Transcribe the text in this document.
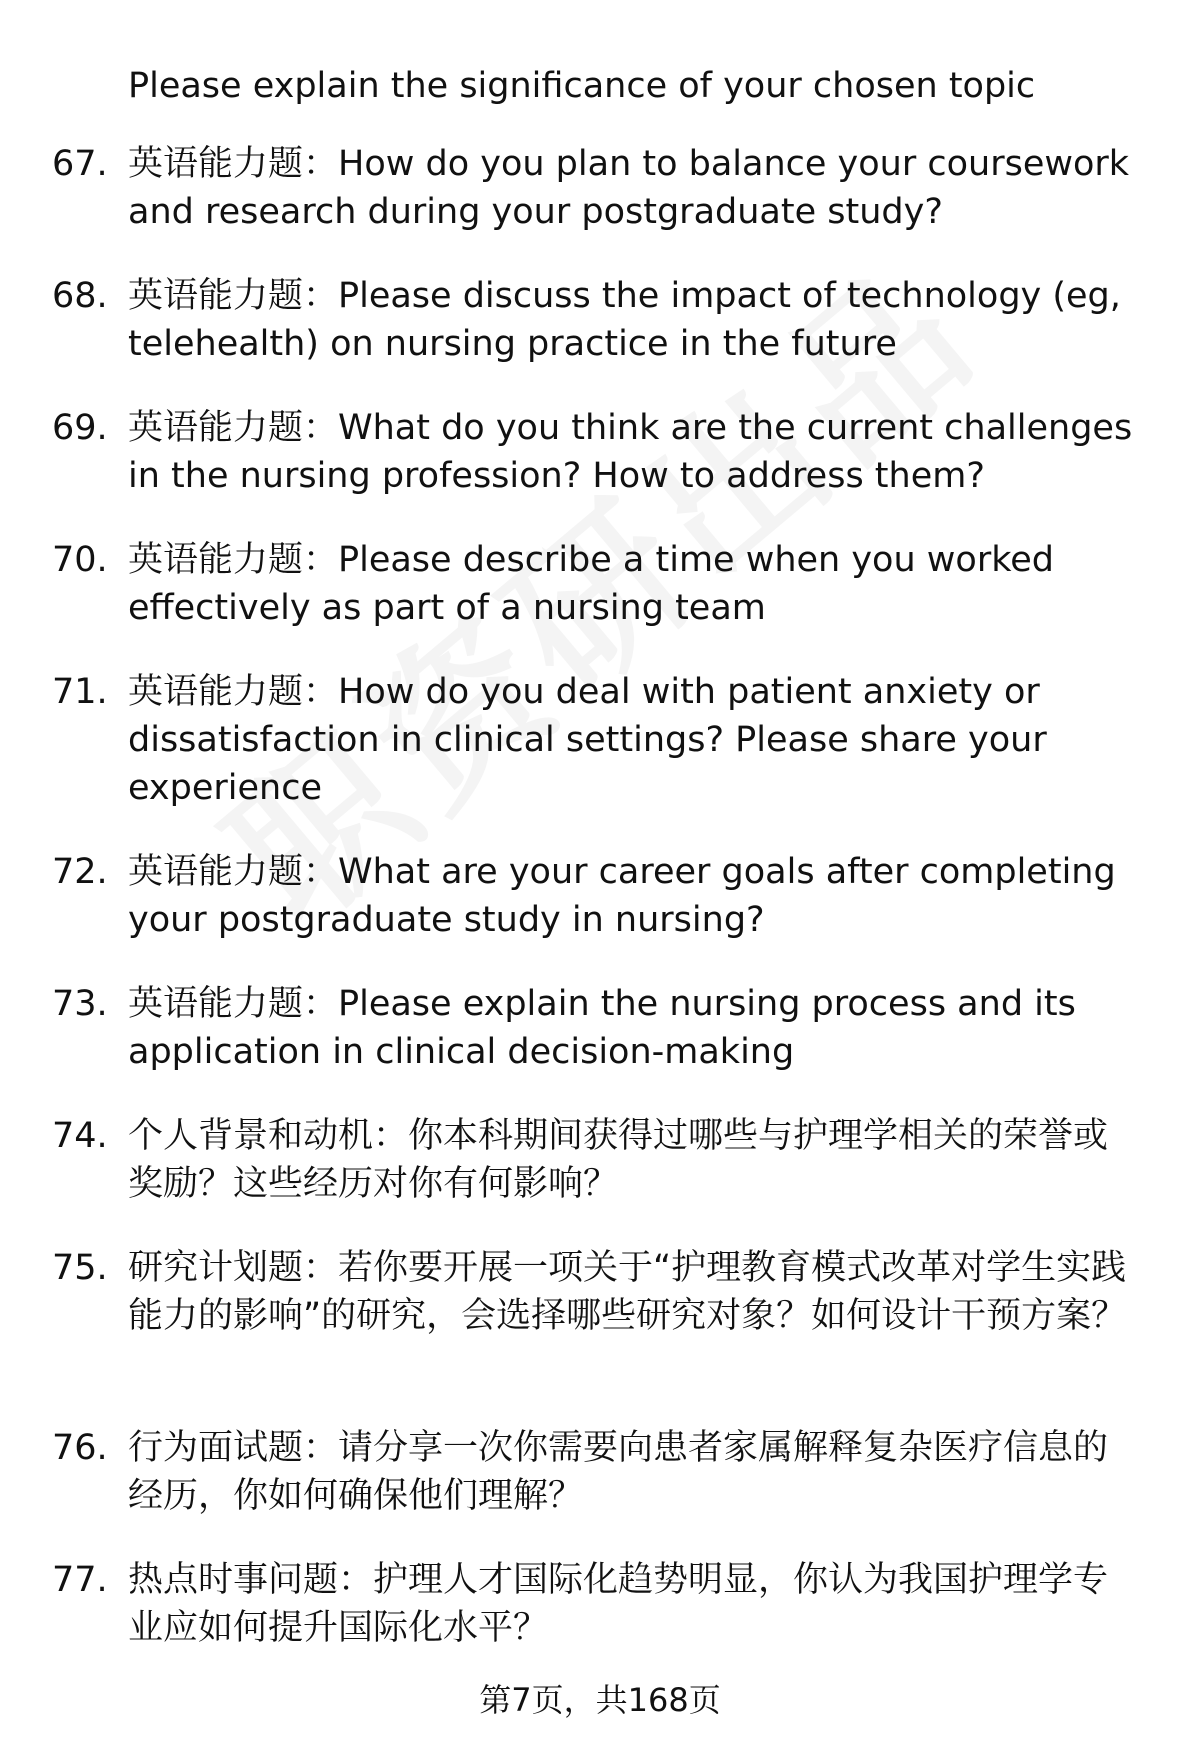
Please explain the significance of your chosen topic
67. 英语能力题：How do you plan to balance your coursework and research during your postgraduate study?
68. 英语能力题：Please discuss the impact of technology (eg, telehealth) on nursing practice in the future
69. 英语能力题：What do you think are the current challenges in the nursing profession? How to address them?
70. 英语能力题：Please describe a time when you worked effectively as part of a nursing team
71. 英语能力题：How do you deal with patient anxiety or dissatisfaction in clinical settings? Please share your experience
72. 英语能力题：What are your career goals after completing your postgraduate study in nursing?
73. 英语能力题：Please explain the nursing process and its application in clinical decision-making
74. 个人背景和动机：你本科期间获得过哪些与护理学相关的荣誉或奖励？这些经历对你有何影响？
75. 研究计划题：若你要开展一项关于“护理教育模式改革对学生实践能力的影响”的研究，会选择哪些研究对象？如何设计干预方案？
76. 行为面试题：请分享一次你需要向患者家属解释复杂医疗信息的经历，你如何确保他们理解？
77. 热点时事问题：护理人才国际化趋势明显，你认为我国护理学专业应如何提升国际化水平？
第7页，共168页
